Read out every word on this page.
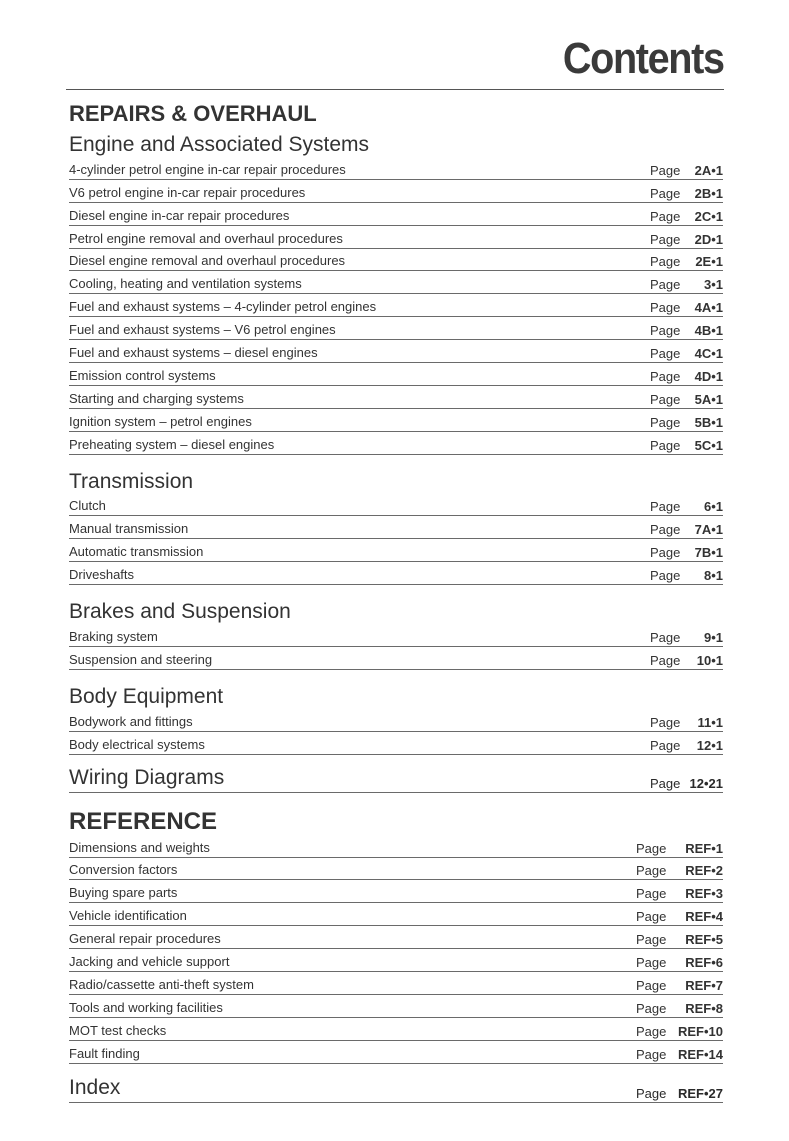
Contents
REPAIRS & OVERHAUL
Engine and Associated Systems
4-cylinder petrol engine in-car repair procedures	Page 2A•1
V6 petrol engine in-car repair procedures	Page 2B•1
Diesel engine in-car repair procedures	Page 2C•1
Petrol engine removal and overhaul procedures	Page 2D•1
Diesel engine removal and overhaul procedures	Page 2E•1
Cooling, heating and ventilation systems	Page 3•1
Fuel and exhaust systems – 4-cylinder petrol engines	Page 4A•1
Fuel and exhaust systems – V6 petrol engines	Page 4B•1
Fuel and exhaust systems – diesel engines	Page 4C•1
Emission control systems	Page 4D•1
Starting and charging systems	Page 5A•1
Ignition system – petrol engines	Page 5B•1
Preheating system – diesel engines	Page 5C•1
Transmission
Clutch	Page 6•1
Manual transmission	Page 7A•1
Automatic transmission	Page 7B•1
Driveshafts	Page 8•1
Brakes and Suspension
Braking system	Page 9•1
Suspension and steering	Page 10•1
Body Equipment
Bodywork and fittings	Page 11•1
Body electrical systems	Page 12•1
Wiring Diagrams	Page 12•21
REFERENCE
Dimensions and weights	Page REF•1
Conversion factors	Page REF•2
Buying spare parts	Page REF•3
Vehicle identification	Page REF•4
General repair procedures	Page REF•5
Jacking and vehicle support	Page REF•6
Radio/cassette anti-theft system	Page REF•7
Tools and working facilities	Page REF•8
MOT test checks	Page REF•10
Fault finding	Page REF•14
Index	Page REF•27
